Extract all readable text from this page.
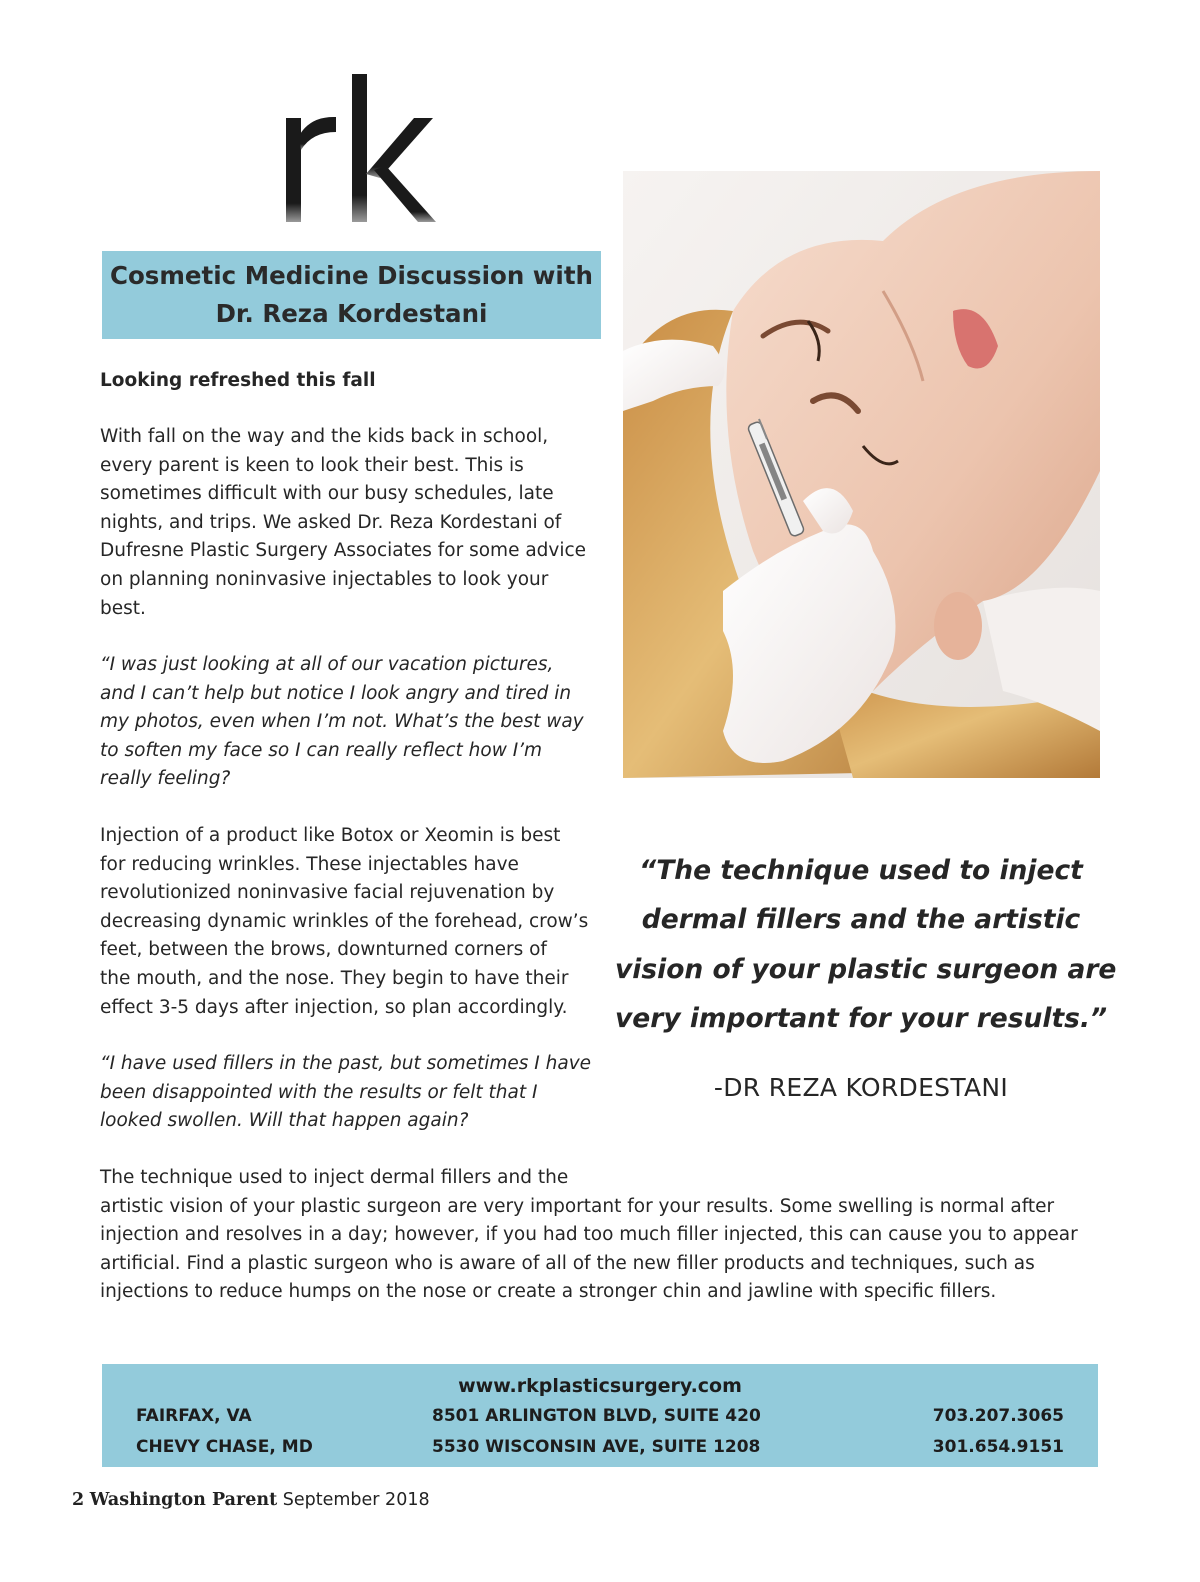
Cosmetic Medicine Discussion with
Dr. Reza Kordestani

Looking refreshed this fall

With fall on the way and the kids back in school,

every parent is keen to look their best. This is

sometimes difficult with our busy schedules, late

nights, and trips. We asked Dr. Reza Kordestani of

Dufresne Plastic Surgery Associates for some advice

on planning noninvasive injectables to look your

best.

“I was just looking at all of our vacation pictures,

and I can’t help but notice I look angry and tired in

my photos, even when I’m not. What’s the best way

to soften my face so I can really reflect how I’m

really feeling?

Injection of a product like Botox or Xeomin is best

for reducing wrinkles. These injectables have

revolutionized noninvasive facial rejuvenation by

decreasing dynamic wrinkles of the forehead, crow’s

feet, between the brows, downturned corners of

the mouth, and the nose. They begin to have their

effect 3-5 days after injection, so plan accordingly.

“I have used fillers in the past, but sometimes I have

been disappointed with the results or felt that I

looked swollen. Will that happen again?

The technique used to inject dermal fillers and the

artistic vision of your plastic surgeon are very important for your results. Some swelling is normal after

injection and resolves in a day; however, if you had too much filler injected, this can cause you to appear

artificial. Find a plastic surgeon who is aware of all of the new filler products and techniques, such as

injections to reduce humps on the nose or create a stronger chin and jawline with specific fillers.

“The technique used to inject

dermal fillers and the artistic

vision of your plastic surgeon are

very important for your results.”

-DR REZA KORDESTANI
www.rkplasticsurgery.com
FAIRFAX, VA	8501 ARLINGTON BLVD, SUITE 420	703.207.3065
CHEVY CHASE, MD	5530 WISCONSIN AVE, SUITE 1208	301.654.9151
2 Washington Parent September 2018
